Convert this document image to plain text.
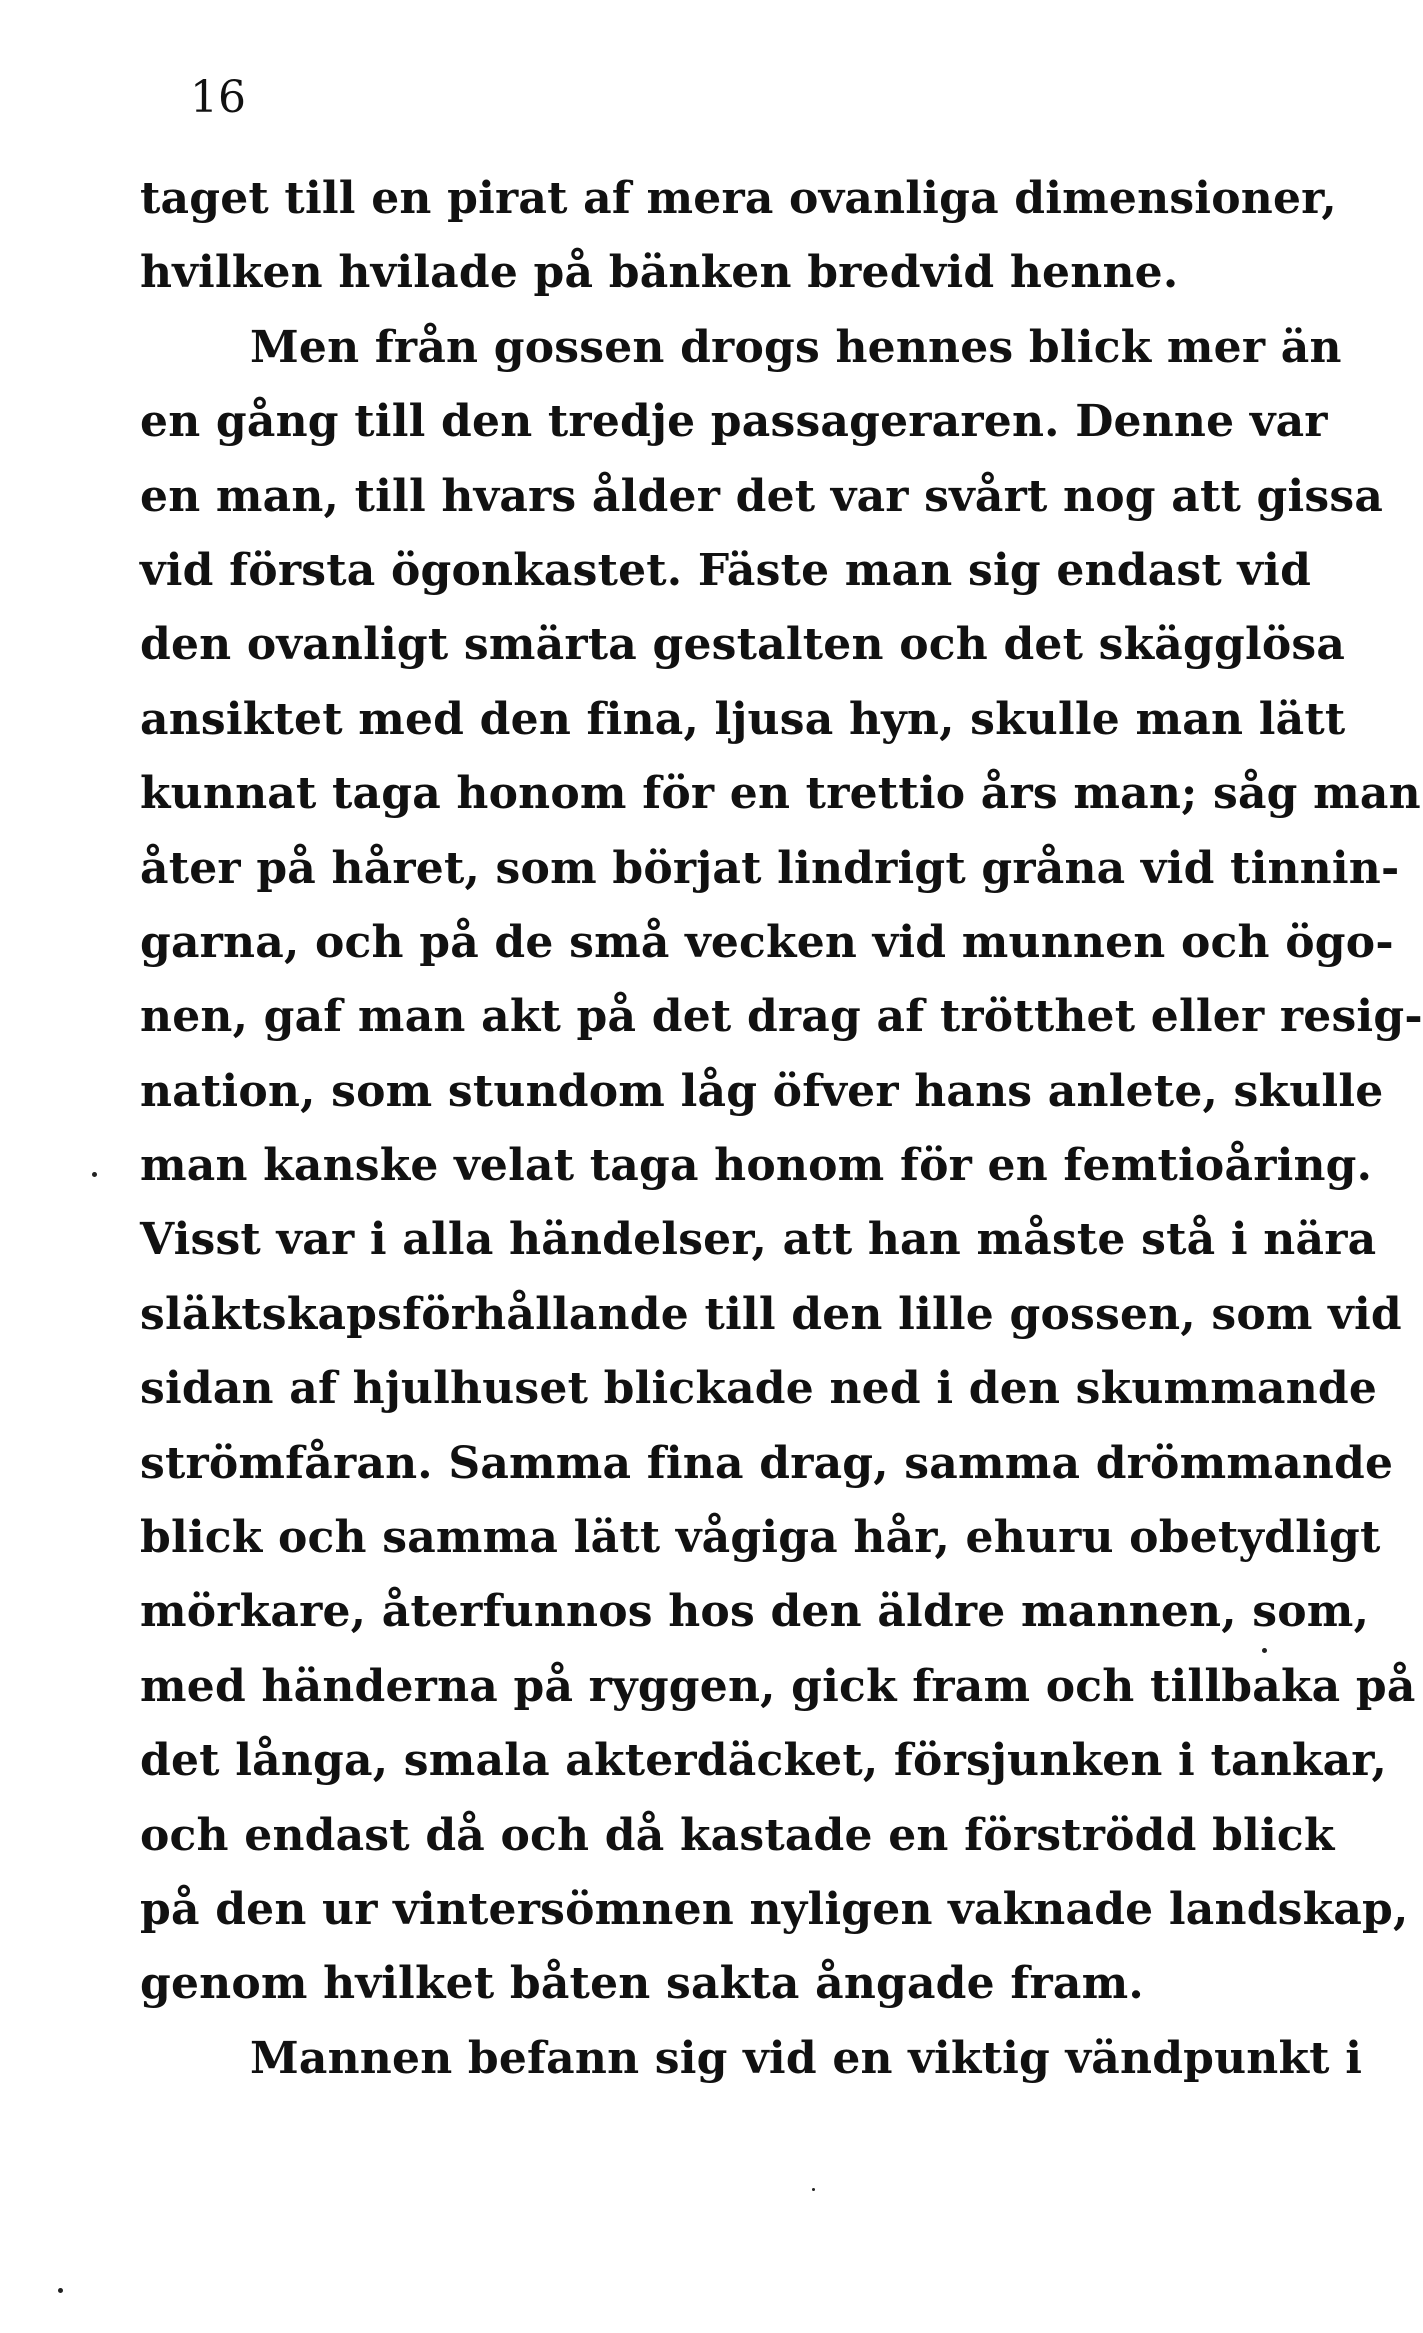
16
taget till en pirat af mera ovanliga dimensioner,
hvilken hvilade på bänken bredvid henne.
Men från gossen drogs hennes blick mer än
en gång till den tredje passageraren. Denne var
en man, till hvars ålder det var svårt nog att gissa
vid första ögonkastet. Fäste man sig endast vid
den ovanligt smärta gestalten och det skägglösa
ansiktet med den fina, ljusa hyn, skulle man lätt
kunnat taga honom för en trettio års man; såg man
åter på håret, som börjat lindrigt gråna vid tinnin-
garna, och på de små vecken vid munnen och ögo-
nen, gaf man akt på det drag af trötthet eller resig-
nation, som stundom låg öfver hans anlete, skulle
man kanske velat taga honom för en femtioåring.
Visst var i alla händelser, att han måste stå i nära
släktskapsförhållande till den lille gossen, som vid
sidan af hjulhuset blickade ned i den skummande
strömfåran. Samma fina drag, samma drömmande
blick och samma lätt vågiga hår, ehuru obetydligt
mörkare, återfunnos hos den äldre mannen, som,
med händerna på ryggen, gick fram och tillbaka på
det långa, smala akterdäcket, försjunken i tankar,
och endast då och då kastade en förströdd blick
på den ur vintersömnen nyligen vaknade landskap,
genom hvilket båten sakta ångade fram.
Mannen befann sig vid en viktig vändpunkt i
